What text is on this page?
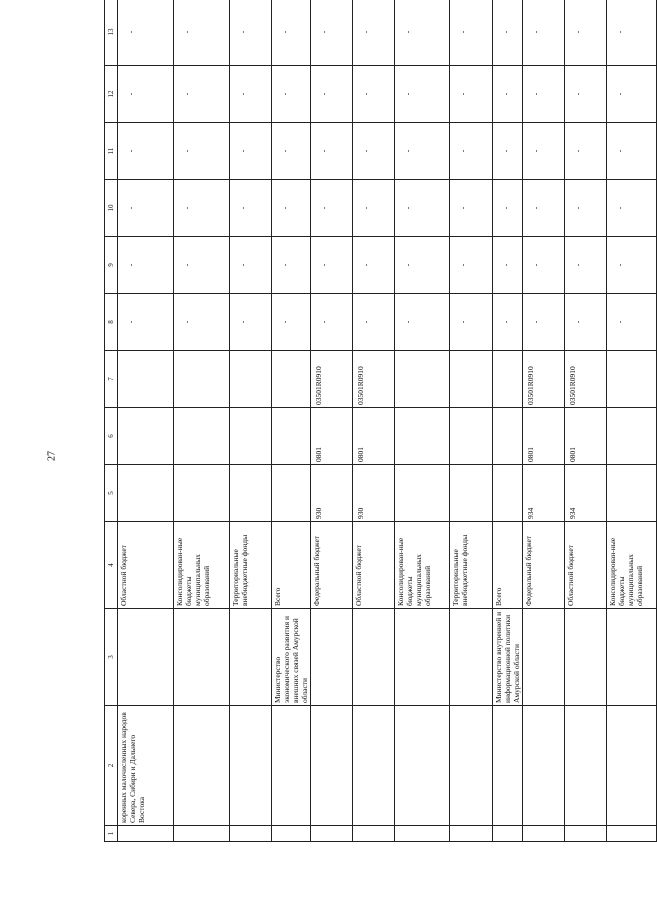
27
1	2	3	4	5	6	7	8	9	10	11	12	13
	коренных малочисленных народов Севера, Сибири и Дальнего Востока		Областной бюджет				-	-	-	-	-	-
			Консолидирован-ные бюджеты муниципальных образований				-	-	-	-	-	-
			Территориальные внебюджетные фонды				-	-	-	-	-	-
		Министерство экономического развития и внешних связей Амурской области	Всего				-	-	-	-	-	-
			Федеральный бюджет	930	0801	03501R0910	-	-	-	-	-	-
			Областной бюджет	930	0801	03501R0910	-	-	-	-	-	-
			Консолидирован-ные бюджеты муниципальных образований				-	-	-	-	-	-
			Территориальные внебюджетные фонды				-	-	-	-	-	-
		Министерство внутренней и информационной политики Амурской области	Всего				-	-	-	-	-	-
			Федеральный бюджет	934	0801	03501R0910	-	-	-	-	-	-
			Областной бюджет	934	0801	03501R0910	-	-	-	-	-	-
			Консолидирован-ные бюджеты муниципальных образований				-	-	-	-	-	-
